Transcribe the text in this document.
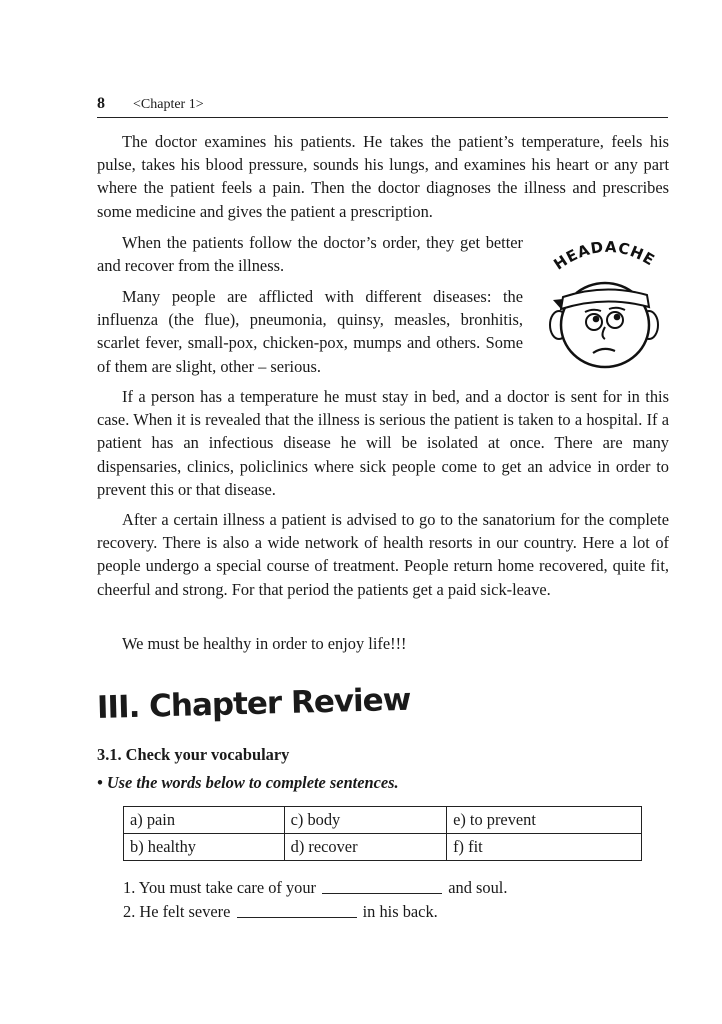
8 <Chapter 1>

The doctor examines his patients. He takes the patient’s temperature, feels his pulse, takes his blood pressure, sounds his lungs, and examines his heart or any part where the patient feels a pain. Then the doctor diagnoses the illness and prescribes some medicine and gives the patient a prescription.

When the patients follow the doctor’s order, they get better and recover from the illness.

Many people are afflicted with different diseases: the influenza (the flue), pneumonia, quinsy, measles, bronhitis, scarlet fever, small-pox, chicken-pox, mumps and others. Some of them are slight, other – serious.

If a person has a temperature he must stay in bed, and a doctor is sent for in this case. When it is revealed that the illness is serious the patient is taken to a hospital. If a patient has an infectious disease he will be isolated at once. There are many dispensaries, clinics, policlinics where sick people come to get an advice in order to prevent this or that disease.

After a certain illness a patient is advised to go to the sanatorium for the complete recovery. There is also a wide network of health resorts in our country. Here a lot of people undergo a special course of treatment. People return home recovered, quite fit, cheerful and strong. For that period the patients get a paid sick-leave.

We must be healthy in order to enjoy life!!!

HEADACHE
III. Chapter Review
3.1. Check your vocabulary
• Use the words below to complete sentences.
a) pain	c) body	e) to prevent
b) healthy	d) recover	f) fit
1. You must take care of your	and soul.
2. He felt severe	in his back.
